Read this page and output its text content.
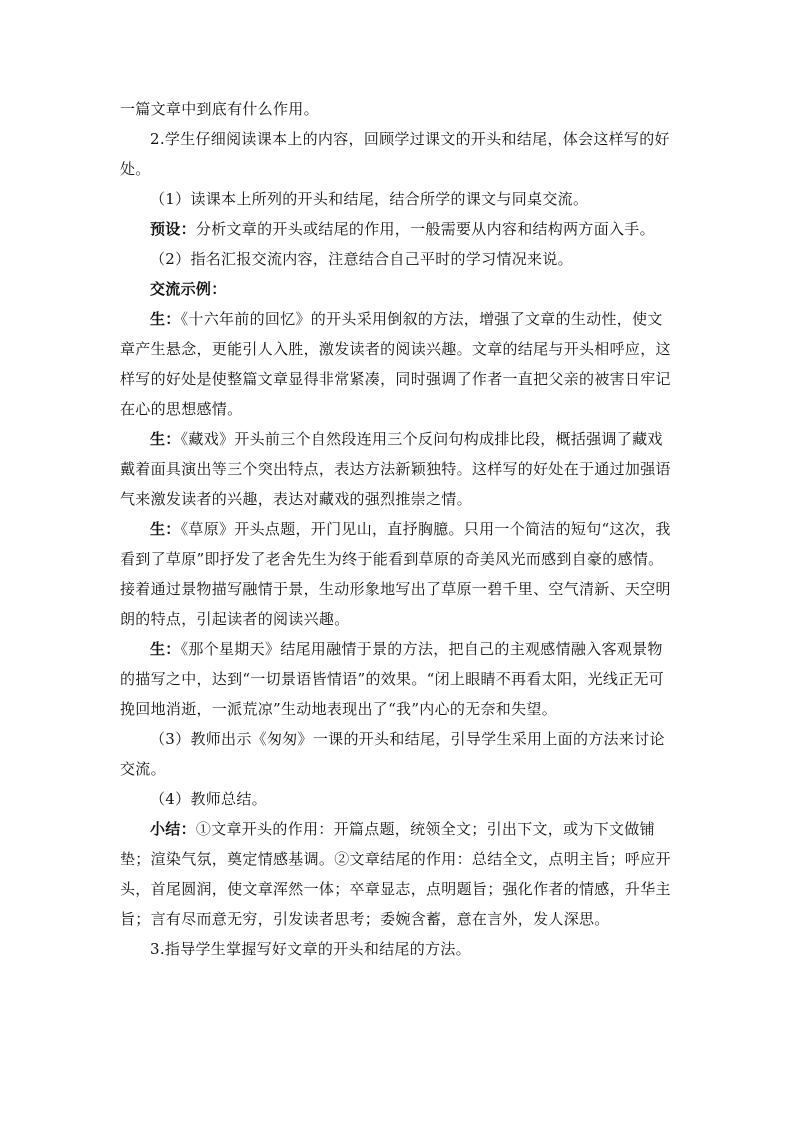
一篇文章中到底有什么作用。

2.学生仔细阅读课本上的内容，回顾学过课文的开头和结尾，体会这样写的好处。

（1）读课本上所列的开头和结尾，结合所学的课文与同桌交流。

预设：分析文章的开头或结尾的作用，一般需要从内容和结构两方面入手。

（2）指名汇报交流内容，注意结合自己平时的学习情况来说。

交流示例：

生：《十六年前的回忆》的开头采用倒叙的方法，增强了文章的生动性，使文章产生悬念，更能引人入胜，激发读者的阅读兴趣。文章的结尾与开头相呼应，这样写的好处是使整篇文章显得非常紧凑，同时强调了作者一直把父亲的被害日牢记在心的思想感情。

生：《藏戏》开头前三个自然段连用三个反问句构成排比段，概括强调了藏戏戴着面具演出等三个突出特点，表达方法新颖独特。这样写的好处在于通过加强语气来激发读者的兴趣，表达对藏戏的强烈推崇之情。

生：《草原》开头点题，开门见山，直抒胸臆。只用一个简洁的短句“这次，我看到了草原”即抒发了老舍先生为终于能看到草原的奇美风光而感到自豪的感情。接着通过景物描写融情于景，生动形象地写出了草原一碧千里、空气清新、天空明朗的特点，引起读者的阅读兴趣。

生：《那个星期天》结尾用融情于景的方法，把自己的主观感情融入客观景物的描写之中，达到“一切景语皆情语”的效果。“闭上眼睛不再看太阳，光线正无可挽回地消逝，一派荒凉”生动地表现出了“我”内心的无奈和失望。

（3）教师出示《匆匆》一课的开头和结尾，引导学生采用上面的方法来讨论交流。

（4）教师总结。

小结：①文章开头的作用：开篇点题，统领全文；引出下文，或为下文做铺垫；渲染气氛，奠定情感基调。②文章结尾的作用：总结全文，点明主旨；呼应开头，首尾圆润，使文章浑然一体；卒章显志，点明题旨；强化作者的情感，升华主旨；言有尽而意无穷，引发读者思考；委婉含蓄，意在言外，发人深思。

3.指导学生掌握写好文章的开头和结尾的方法。
